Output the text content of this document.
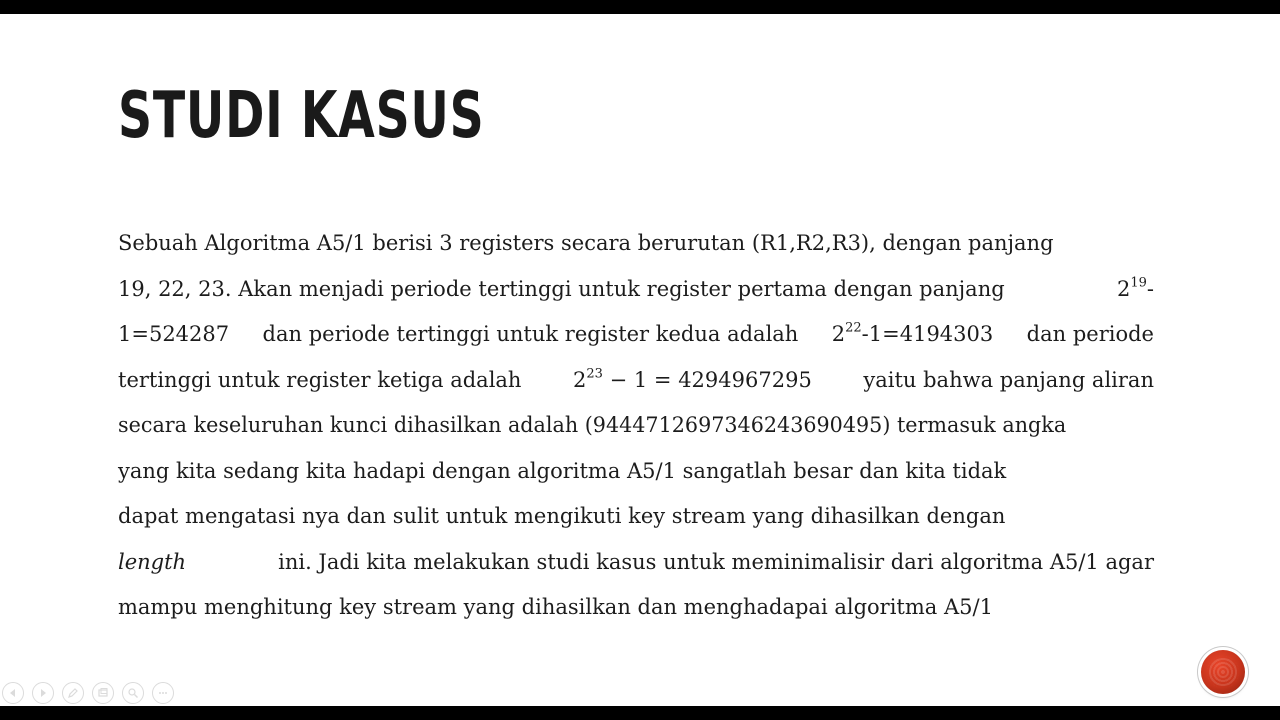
STUDI KASUS
Sebuah Algoritma A5/1 berisi 3 registers secara berurutan (R1,R2,R3), dengan panjang
19, 22, 23. Akan menjadi periode tertinggi untuk register pertama dengan panjang	$2^{19}-$
1=524287 dan periode tertinggi untuk register kedua adalah $2^{22}-1=4194303$ dan periode
tertinggi untuk register ketiga adalah $2^{23} - 1 = 4294967295$ yaitu bahwa panjang aliran
secara keseluruhan kunci dihasilkan adalah (944471269734624369049​5) termasuk angka
yang kita sedang kita hadapi dengan algoritma A5/1 sangatlah besar dan kita tidak
dapat mengatasi nya dan sulit untuk mengikuti key stream yang dihasilkan dengan
length	ini. Jadi kita melakukan studi kasus untuk meminimalisir dari algoritma A5/1 agar
mampu menghitung key stream yang dihasilkan dan menghadapai algoritma A5/1
